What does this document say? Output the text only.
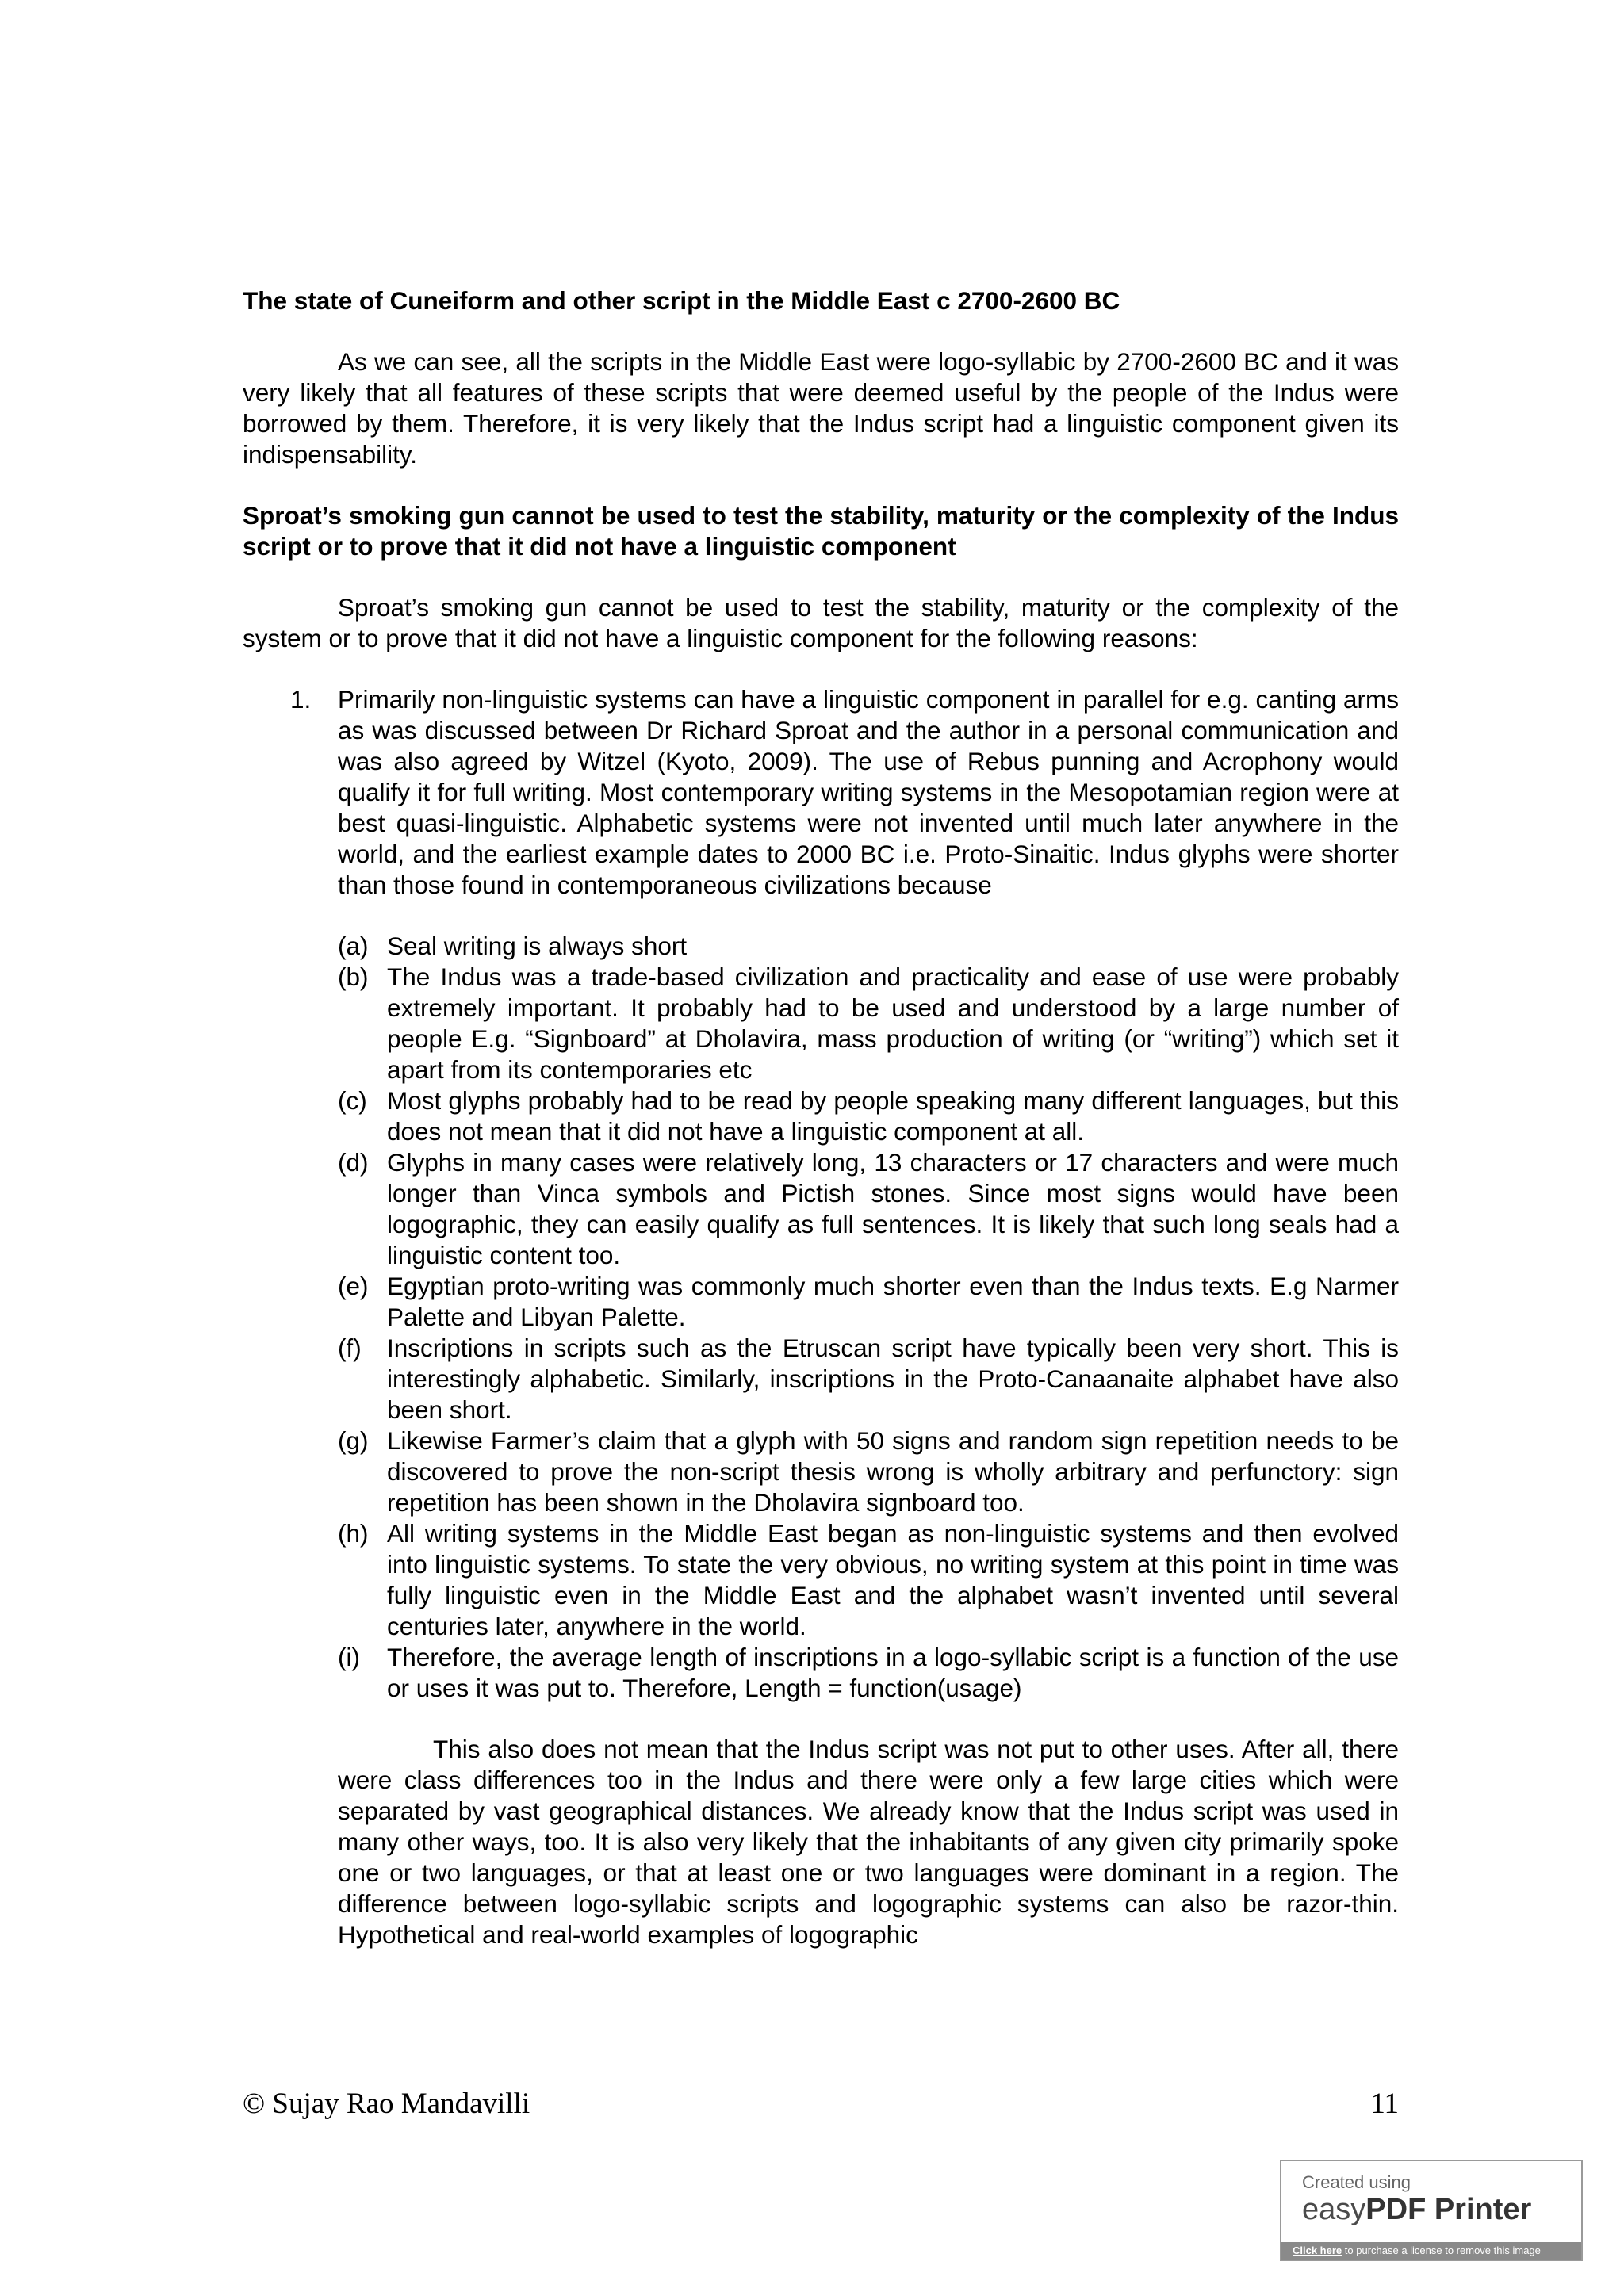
The state of Cuneiform and other script in the Middle East c 2700-2600 BC

As we can see, all the scripts in the Middle East were logo-syllabic by 2700-2600 BC and it was very likely that all features of these scripts that were deemed useful by the people of the Indus were borrowed by them. Therefore, it is very likely that the Indus script had a linguistic component given its indispensability.

Sproat’s smoking gun cannot be used to test the stability, maturity or the complexity of the Indus script or to prove that it did not have a linguistic component

Sproat’s smoking gun cannot be used to test the stability, maturity or the complexity of the system or to prove that it did not have a linguistic component for the following reasons:

1. Primarily non-linguistic systems can have a linguistic component in parallel for e.g. canting arms as was discussed between Dr Richard Sproat and the author in a personal communication and was also agreed by Witzel (Kyoto, 2009). The use of Rebus punning and Acrophony would qualify it for full writing. Most contemporary writing systems in the Mesopotamian region were at best quasi-linguistic. Alphabetic systems were not invented until much later anywhere in the world, and the earliest example dates to 2000 BC i.e. Proto-Sinaitic. Indus glyphs were shorter than those found in contemporaneous civilizations because

(a) Seal writing is always short

(b) The Indus was a trade-based civilization and practicality and ease of use were probably extremely important. It probably had to be used and understood by a large number of people E.g. “Signboard” at Dholavira, mass production of writing (or “writing”) which set it apart from its contemporaries etc

(c) Most glyphs probably had to be read by people speaking many different languages, but this does not mean that it did not have a linguistic component at all.

(d) Glyphs in many cases were relatively long, 13 characters or 17 characters and were much longer than Vinca symbols and Pictish stones. Since most signs would have been logographic, they can easily qualify as full sentences. It is likely that such long seals had a linguistic content too.

(e) Egyptian proto-writing was commonly much shorter even than the Indus texts. E.g Narmer Palette and Libyan Palette.

(f) Inscriptions in scripts such as the Etruscan script have typically been very short. This is interestingly alphabetic. Similarly, inscriptions in the Proto-Canaanaite alphabet have also been short.

(g) Likewise Farmer’s claim that a glyph with 50 signs and random sign repetition needs to be discovered to prove the non-script thesis wrong is wholly arbitrary and perfunctory: sign repetition has been shown in the Dholavira signboard too.

(h) All writing systems in the Middle East began as non-linguistic systems and then evolved into linguistic systems. To state the very obvious, no writing system at this point in time was fully linguistic even in the Middle East and the alphabet wasn’t invented until several centuries later, anywhere in the world.

(i) Therefore, the average length of inscriptions in a logo-syllabic script is a function of the use or uses it was put to. Therefore, Length = function(usage)

This also does not mean that the Indus script was not put to other uses. After all, there were class differences too in the Indus and there were only a few large cities which were separated by vast geographical distances. We already know that the Indus script was used in many other ways, too. It is also very likely that the inhabitants of any given city primarily spoke one or two languages, or that at least one or two languages were dominant in a region. The difference between logo-syllabic scripts and logographic systems can also be razor-thin. Hypothetical and real-world examples of logographic

© Sujay Rao Mandavilli	11
Created using
easyPDF Printer
Click here to purchase a license to remove this image
